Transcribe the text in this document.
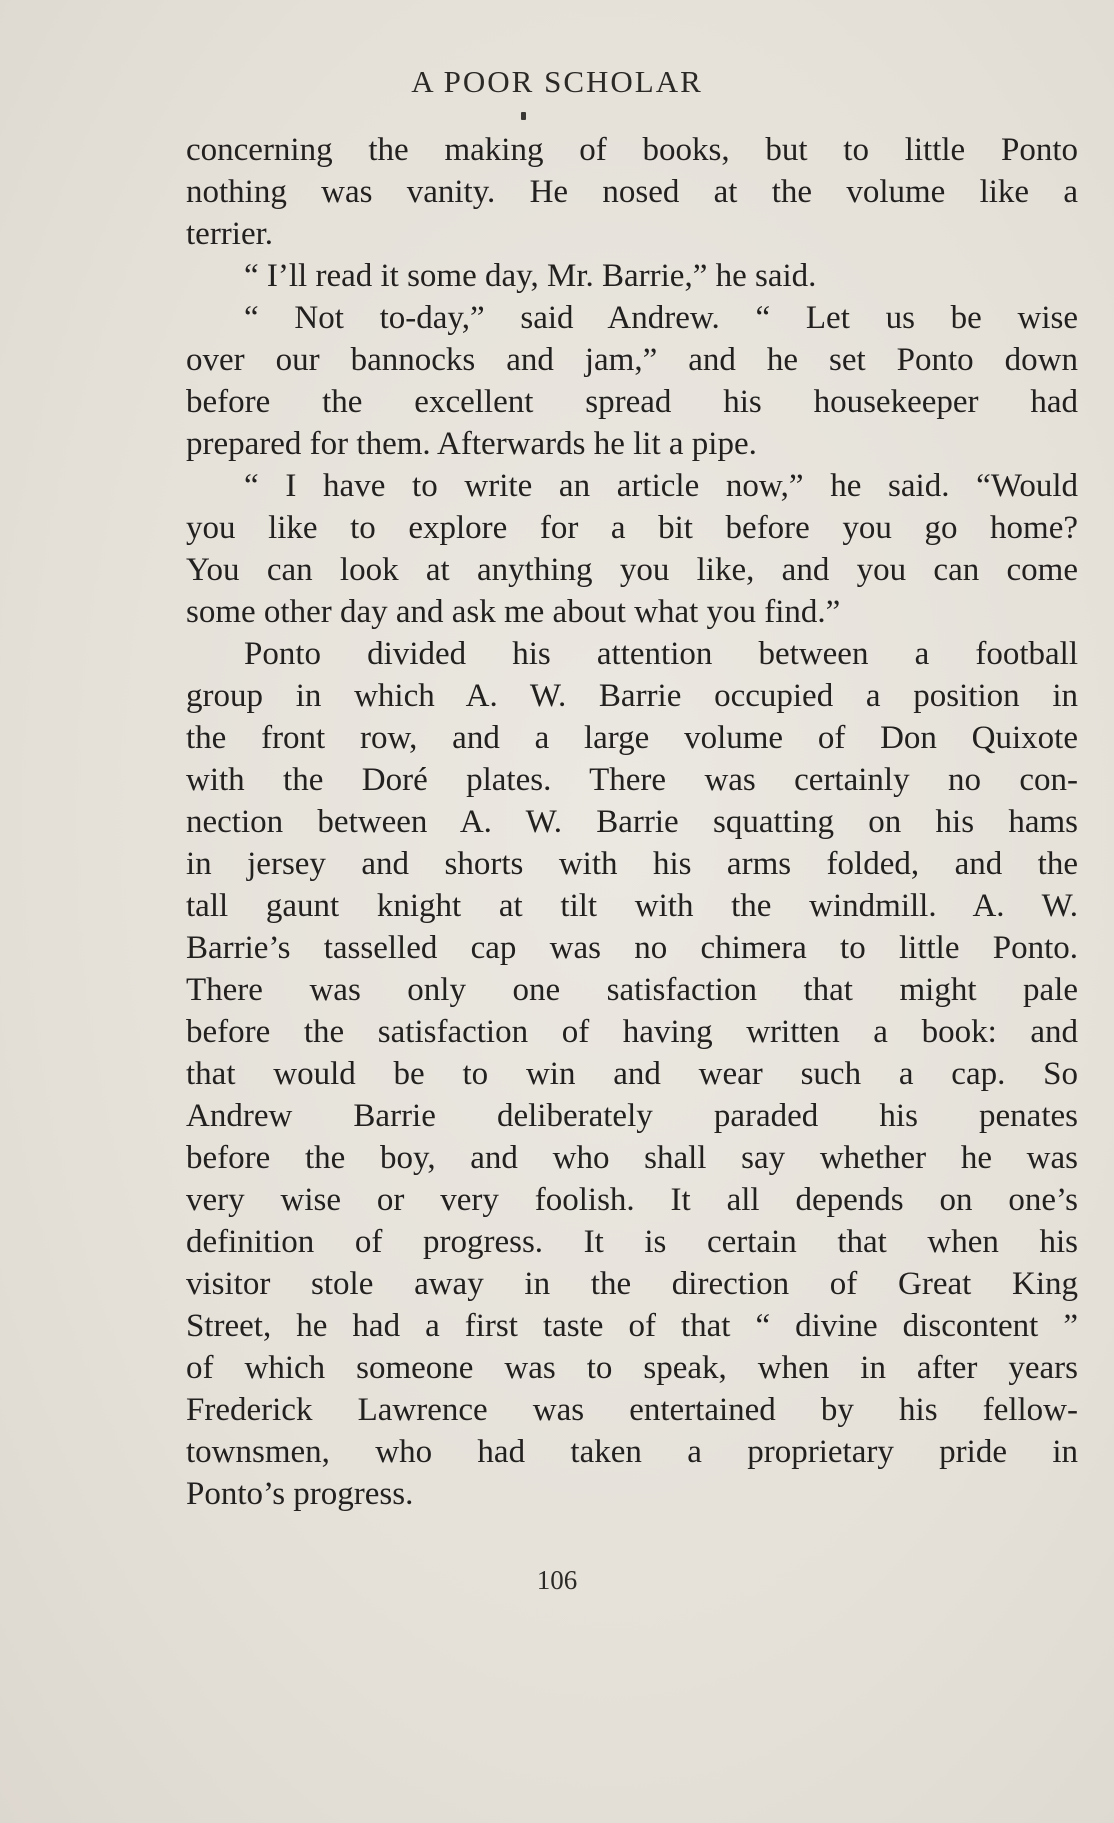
A POOR SCHOLAR
concerning the making of books, but to little Ponto
nothing was vanity. He nosed at the volume like a
terrier.
“ I’ll read it some day, Mr. Barrie,” he said.
“ Not to-day,” said Andrew. “ Let us be wise
over our bannocks and jam,” and he set Ponto down
before the excellent spread his housekeeper had
prepared for them. Afterwards he lit a pipe.
“ I have to write an article now,” he said. “Would
you like to explore for a bit before you go home?
You can look at anything you like, and you can come
some other day and ask me about what you find.”
Ponto divided his attention between a football
group in which A. W. Barrie occupied a position in
the front row, and a large volume of Don Quixote
with the Doré plates. There was certainly no con-
nection between A. W. Barrie squatting on his hams
in jersey and shorts with his arms folded, and the
tall gaunt knight at tilt with the windmill. A. W.
Barrie’s tasselled cap was no chimera to little Ponto.
There was only one satisfaction that might pale
before the satisfaction of having written a book: and
that would be to win and wear such a cap. So
Andrew Barrie deliberately paraded his penates
before the boy, and who shall say whether he was
very wise or very foolish. It all depends on one’s
definition of progress. It is certain that when his
visitor stole away in the direction of Great King
Street, he had a first taste of that “ divine discontent ”
of which someone was to speak, when in after years
Frederick Lawrence was entertained by his fellow-
townsmen, who had taken a proprietary pride in
Ponto’s progress.
106
